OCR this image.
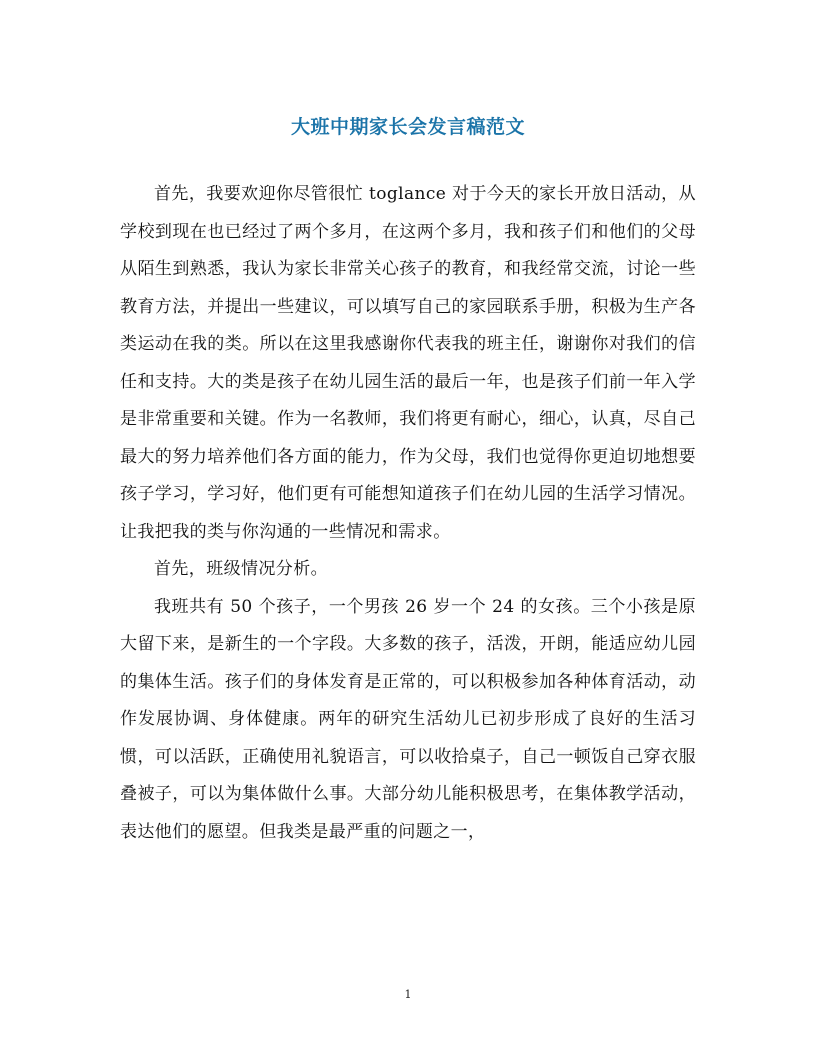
大班中期家长会发言稿范文

首先，我要欢迎你尽管很忙 toglance 对于今天的家长开放日活动，从学校到现在也已经过了两个多月，在这两个多月，我和孩子们和他们的父母从陌生到熟悉，我认为家长非常关心孩子的教育，和我经常交流，讨论一些教育方法，并提出一些建议，可以填写自己的家园联系手册，积极为生产各类运动在我的类。所以在这里我感谢你代表我的班主任，谢谢你对我们的信任和支持。大的类是孩子在幼儿园生活的最后一年，也是孩子们前一年入学是非常重要和关键。作为一名教师，我们将更有耐心，细心，认真，尽自己最大的努力培养他们各方面的能力，作为父母，我们也觉得你更迫切地想要孩子学习，学习好，他们更有可能想知道孩子们在幼儿园的生活学习情况。让我把我的类与你沟通的一些情况和需求。

首先，班级情况分析。

我班共有 50 个孩子，一个男孩 26 岁一个 24 的女孩。三个小孩是原大留下来，是新生的一个字段。大多数的孩子，活泼，开朗，能适应幼儿园的集体生活。孩子们的身体发育是正常的，可以积极参加各种体育活动，动作发展协调、身体健康。两年的研究生活幼儿已初步形成了良好的生活习惯，可以活跃，正确使用礼貌语言，可以收拾桌子，自己一顿饭自己穿衣服叠被子，可以为集体做什么事。大部分幼儿能积极思考，在集体教学活动，表达他们的愿望。但我类是最严重的问题之一，

1
